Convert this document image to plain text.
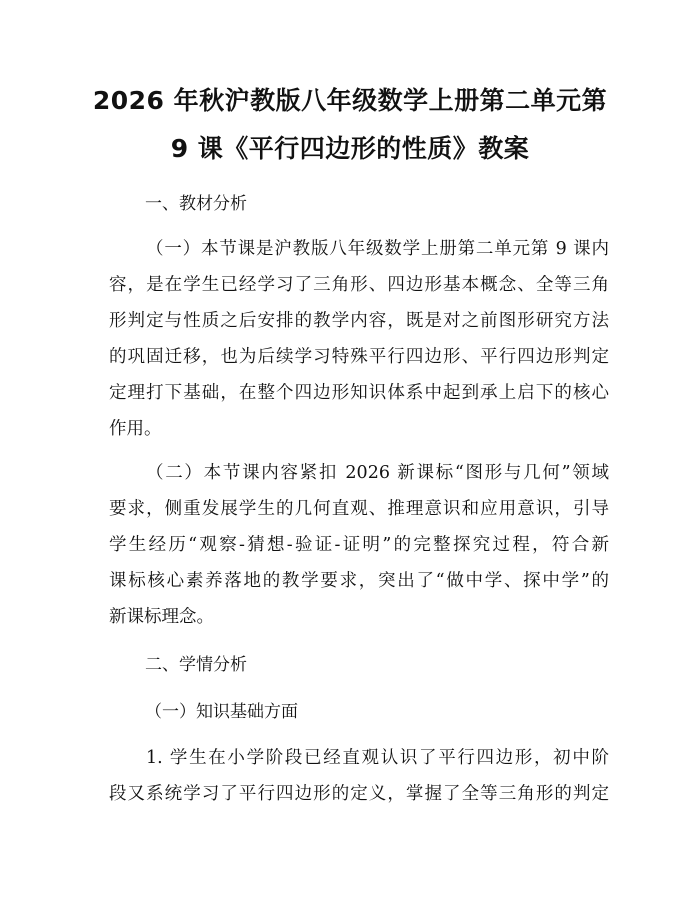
2026 年秋沪教版八年级数学上册第二单元第
9 课《平行四边形的性质》教案
一、教材分析
（一）本节课是沪教版八年级数学上册第二单元第 9 课内
容，是在学生已经学习了三角形、四边形基本概念、全等三角
形判定与性质之后安排的教学内容，既是对之前图形研究方法
的巩固迁移，也为后续学习特殊平行四边形、平行四边形判定
定理打下基础，在整个四边形知识体系中起到承上启下的核心
作用。
（二）本节课内容紧扣 2026 新课标“图形与几何”领域
要求，侧重发展学生的几何直观、推理意识和应用意识，引导
学生经历“观察-猜想-验证-证明”的完整探究过程，符合新
课标核心素养落地的教学要求，突出了“做中学、探中学”的
新课标理念。
二、学情分析
（一）知识基础方面
1. 学生在小学阶段已经直观认识了平行四边形，初中阶
段又系统学习了平行四边形的定义，掌握了全等三角形的判定
